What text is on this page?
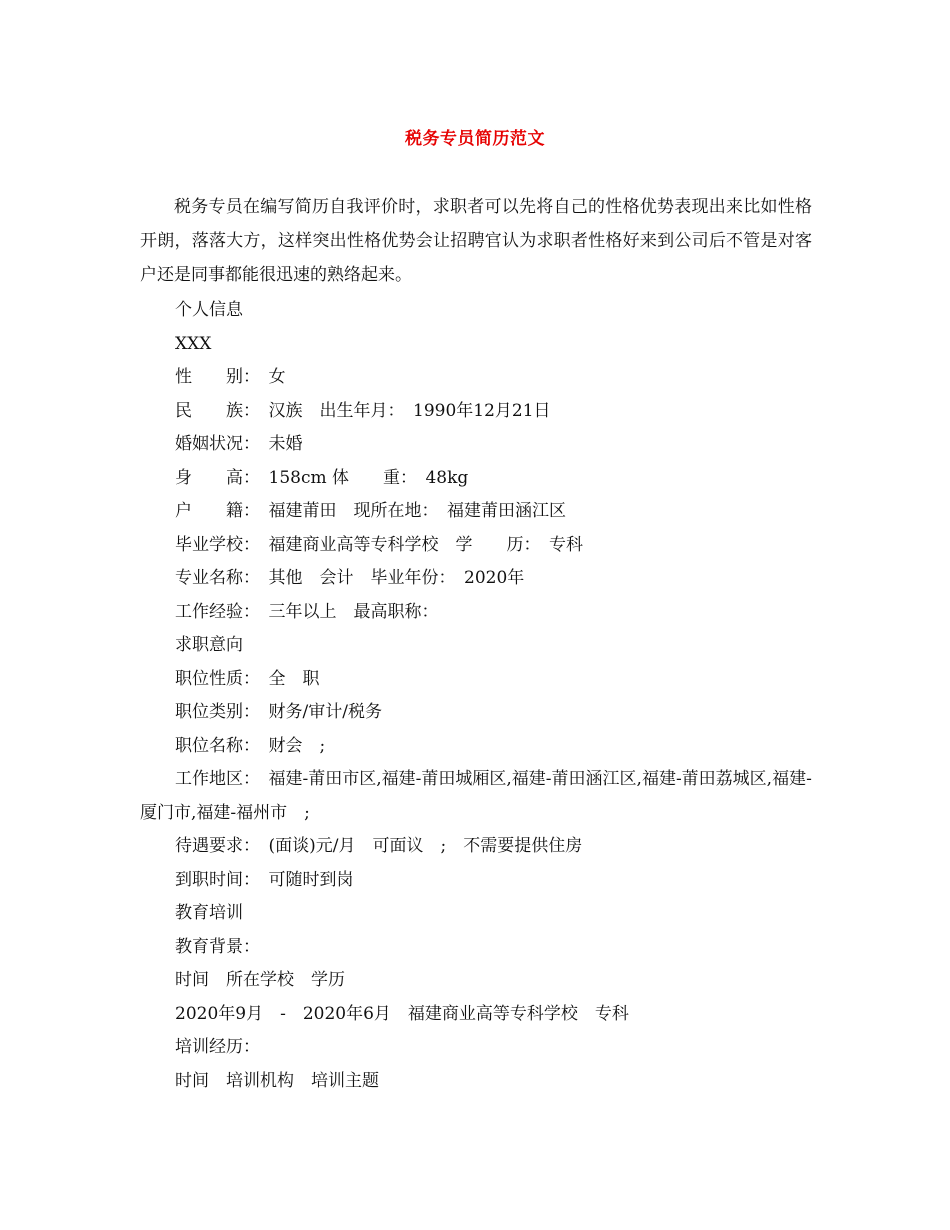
税务专员简历范文

税务专员在编写简历自我评价时，求职者可以先将自己的性格优势表现出来比如性格开朗，落落大方，这样突出性格优势会让招聘官认为求职者性格好来到公司后不管是对客户还是同事都能很迅速的熟络起来。

个人信息
XXX
性　　别：　女
民　　族：　汉族　出生年月：　1990年12月21日
婚姻状况：　未婚
身　　高：　158cm 体　　重：　48kg
户　　籍：　福建莆田　现所在地：　福建莆田涵江区
毕业学校：　福建商业高等专科学校　学　　历：　专科
专业名称：　其他　会计　毕业年份：　2020年
工作经验：　三年以上　最高职称：
求职意向
职位性质：　全　职
职位类别：　财务/审计/税务
职位名称：　财会　;
工作地区：　福建-莆田市区,福建-莆田城厢区,福建-莆田涵江区,福建-莆田荔城区,福建-厦门市,福建-福州市　;
待遇要求：　(面谈)元/月　可面议　;　不需要提供住房
到职时间：　可随时到岗
教育培训
教育背景：
时间　所在学校　学历
2020年9月　-　2020年6月　福建商业高等专科学校　专科
培训经历：
时间　培训机构　培训主题
